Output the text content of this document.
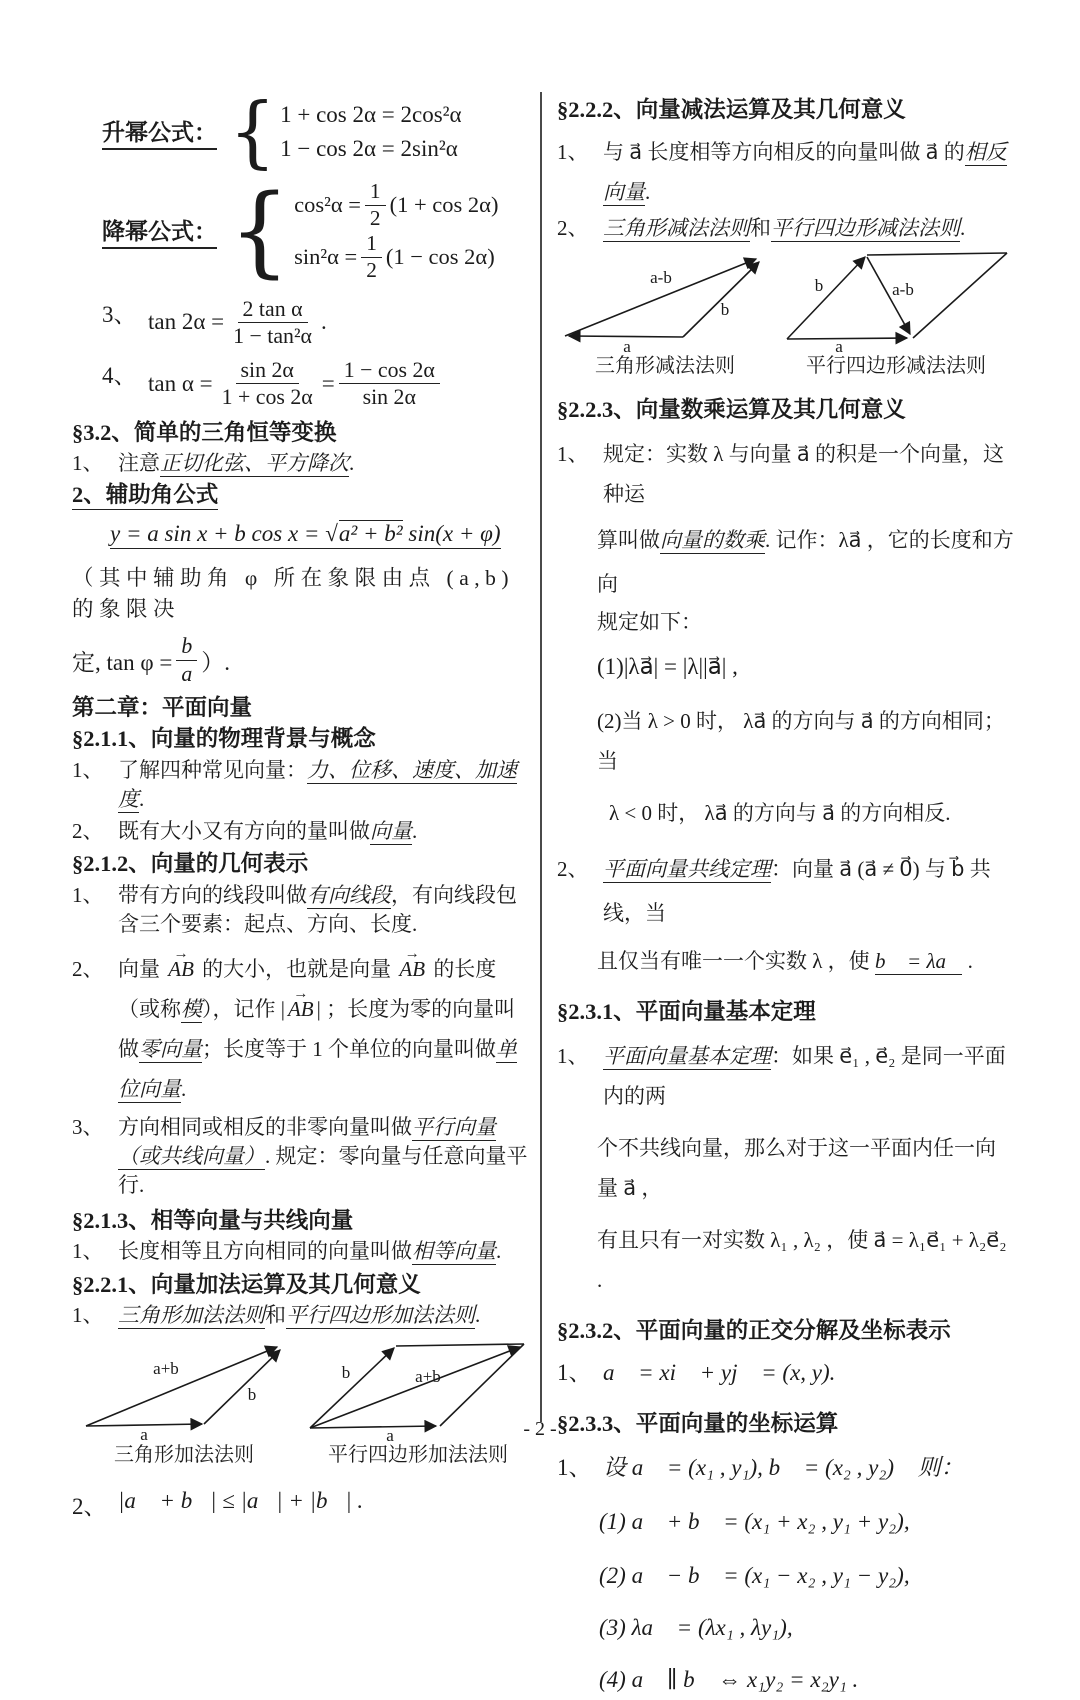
升幂公式： { 1 + cos 2α = 2cos²α
1 − cos 2α = 2sin²α
降幂公式： { $\cos^2\alpha = \frac{1}{2} (1 + \cos 2\alpha)$
$\sin^2\alpha = \frac{1}{2} (1 - \cos 2\alpha)$
3、 $\tan 2\alpha = \frac{\text{2 tan α}}{\text{1 − tan²α}}$ .
4、 $\tan \alpha = \frac{\sin 2\alpha}{1 + \cos 2\alpha} = \frac{1 - \cos 2\alpha}{\sin 2\alpha}$
§3.2、简单的三角恒等变换
1、 注意正切化弦、平方降次.
2、辅助角公式
y = a sin x + b cos x = √a² + b² sin(x + φ)
（其中辅助角 φ 所在象限由点 (a,b) 的象限决
定, $\tan \varphi = \frac{b}{a}$ ）.
第二章：平面向量
§2.1.1、向量的物理背景与概念
1、 了解四种常见向量：力、位移、速度、加速度.
2、 既有大小又有方向的量叫做向量.
§2.1.2、向量的几何表示
1、 带有方向的线段叫做有向线段，有向线段包含三个要素：起点、方向、长度.
2、 向量 AB → 的大小，也就是向量 AB → 的长度（或称模），记作 | AB → | ；长度为零的向量叫做零向量；长度等于 1 个单位的向量叫做单位向量.
3、 方向相同或相反的非零向量叫做平行向量（或共线向量）. 规定：零向量与任意向量平行.
§2.1.3、相等向量与共线向量
1、 长度相等且方向相同的向量叫做相等向量.
§2.2.1、向量加法运算及其几何意义
1、 三角形加法法则和平行四边形加法法则.
a+b
b
a
三角形加法法则
b	a+b
a
平行四边形加法法则
2、 |a⃗ + b⃗| ≤ |a⃗| + |b⃗| .
§2.2.2、向量减法运算及其几何意义
1、 与 a⃗ 长度相等方向相反的向量叫做 a⃗ 的相反向量.
2、 三角形减法法则和平行四边形减法法则.
a-b
b
a
三角形减法法则
b	a-b
a
平行四边形减法法则
§2.2.3、向量数乘运算及其几何意义
1、 规定：实数 λ 与向量 a⃗ 的积是一个向量，这种运
算叫做向量的数乘. 记作：λa⃗ ，它的长度和方向
规定如下：
(1)|λa⃗| = |λ||a⃗| ,
(2)当 λ > 0 时， λa⃗ 的方向与 a⃗ 的方向相同；当
λ < 0 时， λa⃗ 的方向与 a⃗ 的方向相反.
2、 平面向量共线定理：向量 a⃗ (a⃗ ≠ 0⃗) 与 b⃗ 共线，当
且仅当有唯一一个实数 λ ，使 b⃗ = λa⃗ .
§2.3.1、平面向量基本定理
1、 平面向量基本定理：如果 e⃗₁ , e⃗₂ 是同一平面内的两
个不共线向量，那么对于这一平面内任一向量 a⃗ ，
有且只有一对实数 λ₁ , λ₂ ，使 a⃗ = λ₁e⃗₁ + λ₂e⃗₂ .
§2.3.2、平面向量的正交分解及坐标表示
1、 a⃗ = xi⃗ + yj⃗ = (x, y).
§2.3.3、平面向量的坐标运算
1、 设 a⃗ = (x₁ , y₁), b⃗ = (x₂ , y₂)， 则：
(1) a⃗ + b⃗ = (x₁ + x₂ , y₁ + y₂),
(2) a⃗ − b⃗ = (x₁ − x₂ , y₁ − y₂),
(3) λa⃗ = (λx₁ , λy₁),
(4) a⃗ ∥ b⃗ ⇔ x₁y₂ = x₂y₁ .
- 2 -
